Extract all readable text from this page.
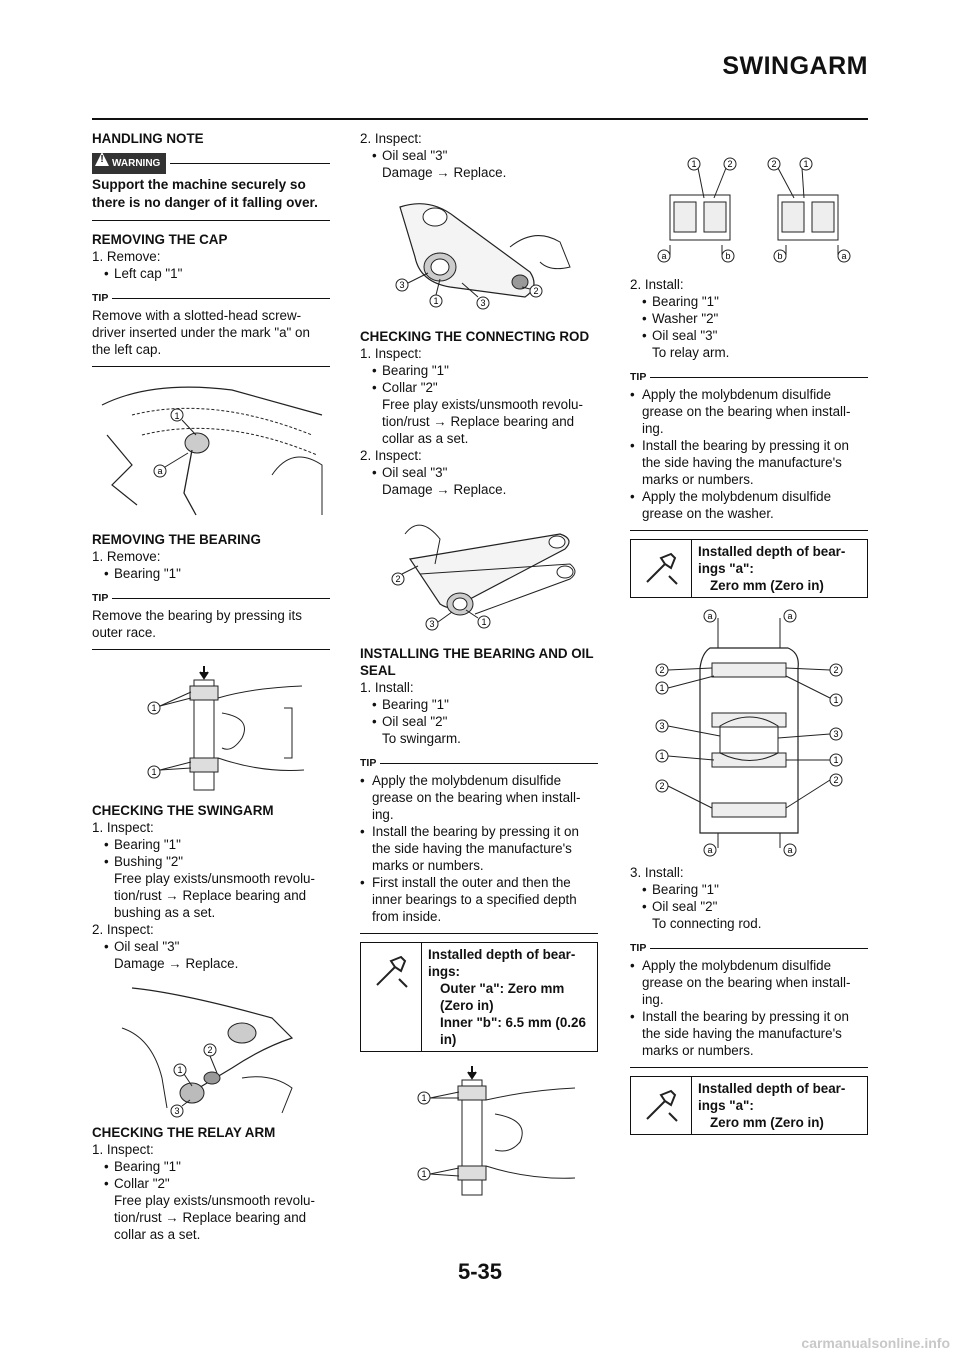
SWINGARM

HANDLING NOTE

! WARNING
Support the machine securely so there is no danger of it falling over.

REMOVING THE CAP

1. Remove:

• Left cap "1"

TIP

Remove with a slotted-head screw-driver inserted under the mark "a" on the left cap.

1
a

REMOVING THE BEARING

1. Remove:

• Bearing "1"

TIP

Remove the bearing by pressing its outer race.

1
1

CHECKING THE SWINGARM

1. Inspect:

• Bearing "1"

• Bushing "2"

Free play exists/unsmooth revolu-

tion/rust → Replace bearing and

bushing as a set.

2. Inspect:

• Oil seal "3"

Damage → Replace.

2
1
3

CHECKING THE RELAY ARM

1. Inspect:

• Bearing "1"

• Collar "2"

Free play exists/unsmooth revolu-

tion/rust → Replace bearing and

collar as a set.

2. Inspect:

• Oil seal "3"

Damage → Replace.

3
1	3
2

CHECKING THE CONNECTING ROD

1. Inspect:

• Bearing "1"

• Collar "2"

Free play exists/unsmooth revolu-

tion/rust → Replace bearing and

collar as a set.

2. Inspect:

• Oil seal "3"

Damage → Replace.

2
3	1

INSTALLING THE BEARING AND OIL SEAL

1. Install:

• Bearing "1"

• Oil seal "2"

To swingarm.

TIP

• Apply the molybdenum disulfide grease on the bearing when install-ing.

• Install the bearing by pressing it on the side having the manufacture's marks or numbers.

• First install the outer and then the inner bearings to a specified depth from inside.

Installed depth of bear-
ings:
Outer "a": Zero mm
(Zero in)
Inner "b": 6.5 mm (0.26
in)
1
1
1	2	2	1
a	b	b	a

2. Install:

• Bearing "1"

• Washer "2"

• Oil seal "3"

To relay arm.

TIP

• Apply the molybdenum disulfide grease on the bearing when install-ing.

• Install the bearing by pressing it on the side having the manufacture's marks or numbers.

• Apply the molybdenum disulfide grease on the washer.

Installed depth of bear-
ings "a":
Zero mm (Zero in)
a	a
2
1
3
1
2
2
1
3
1
2
a	a

3. Install:

• Bearing "1"

• Oil seal "2"

To connecting rod.

TIP

• Apply the molybdenum disulfide grease on the bearing when install-ing.

• Install the bearing by pressing it on the side having the manufacture's marks or numbers.

Installed depth of bear-
ings "a":
Zero mm (Zero in)
5-35
carmanualsonline.info
